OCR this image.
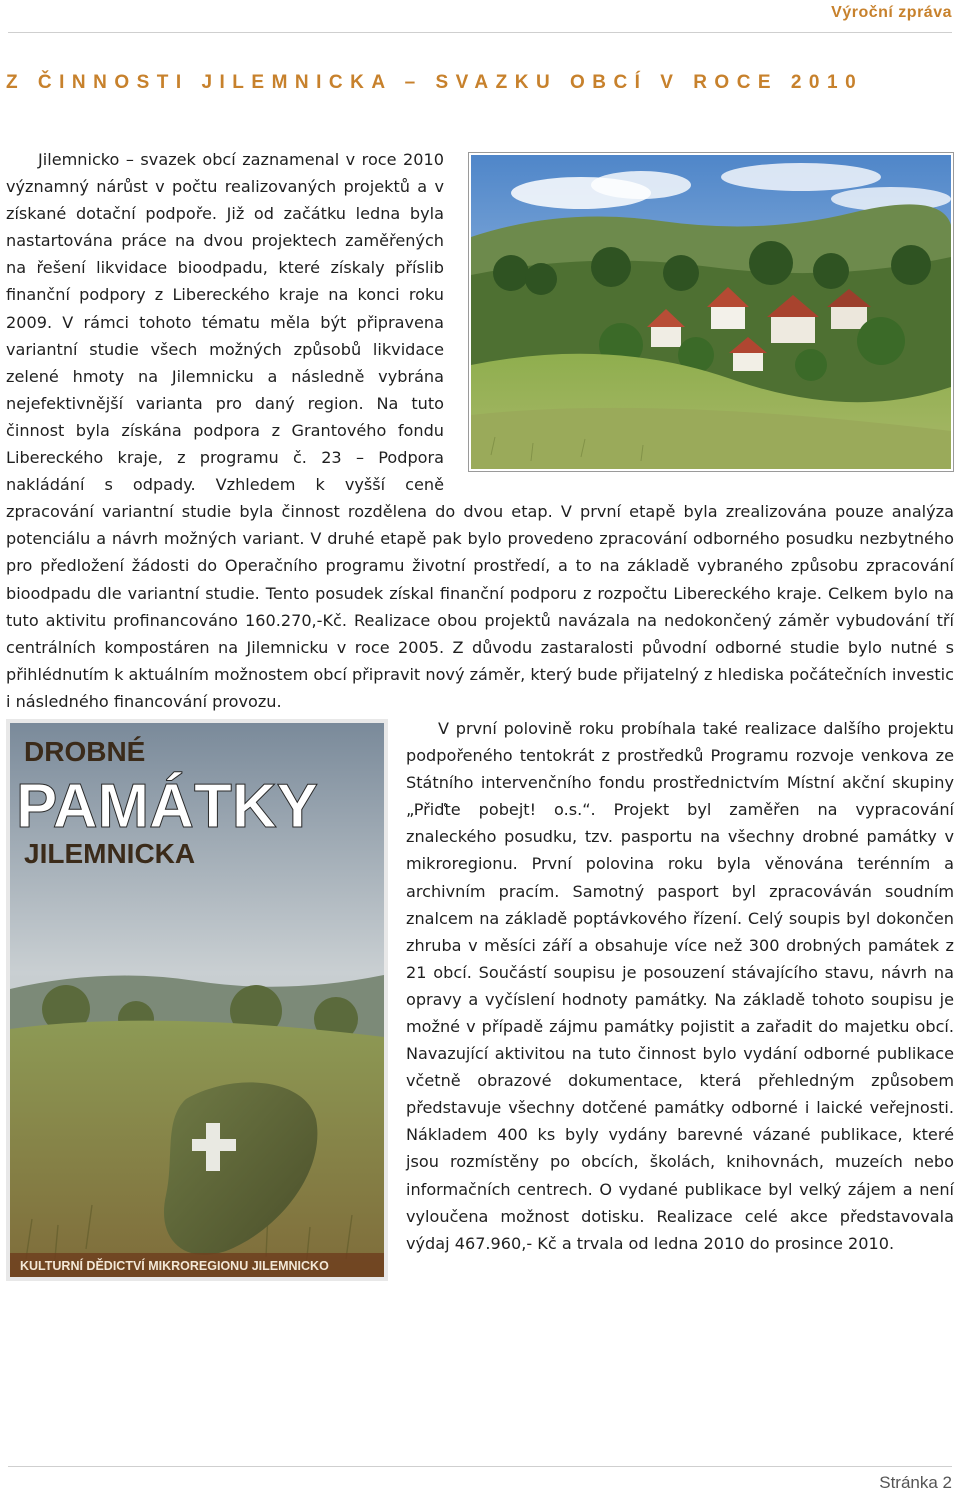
Výroční zpráva
Z ČINNOSTI JILEMNICKA – SVAZKU OBCÍ V ROCE 2010

Jilemnicko – svazek obcí zaznamenal v roce 2010 významný nárůst v počtu realizovaných projektů a v získané dotační podpoře. Již od začátku ledna byla nastartována práce na dvou projektech zaměřených na řešení likvidace bioodpadu, které získaly příslib finanční podpory z Libereckého kraje na konci roku 2009. V rámci tohoto tématu měla být připravena variantní studie všech možných způsobů likvidace zelené hmoty na Jilemnicku a následně vybrána nejefektivnější varianta pro daný region. Na tuto činnost byla získána podpora z Grantového fondu Libereckého kraje, z programu č. 23 – Podpora nakládání s odpady. Vzhledem k vyšší ceně zpracování variantní studie byla činnost rozdělena do dvou etap. V první etapě byla zrealizována pouze analýza potenciálu a návrh možných variant. V druhé etapě pak bylo provedeno zpracování odborného posudku nezbytného pro předložení žádosti do Operačního programu životní prostředí, a to na základě vybraného způsobu zpracování bioodpadu dle variantní studie. Tento posudek získal finanční podporu z rozpočtu Libereckého kraje. Celkem bylo na tuto aktivitu profinancováno 160.270,-Kč. Realizace obou projektů navázala na nedokončený záměr vybudování tří centrálních kompostáren na Jilemnicku v roce 2005. Z důvodu zastaralosti původní odborné studie bylo nutné s přihlédnutím k aktuálním možnostem obcí připravit nový záměr, který bude přijatelný z hlediska počátečních investic i následného financování provozu.

DROBNÉ
PAMÁTKY
JILEMNICKA
KULTURNÍ DĚDICTVÍ MIKROREGIONU JILEMNICKO

V první polovině roku probíhala také realizace dalšího projektu podpořeného tentokrát z prostředků Programu rozvoje venkova ze Státního intervenčního fondu prostřednictvím Místní akční skupiny „Přiďte pobejt! o.s.“. Projekt byl zaměřen na vypracování znaleckého posudku, tzv. pasportu na všechny drobné památky v mikroregionu. První polovina roku byla věnována terénním a archivním pracím. Samotný pasport byl zpracováván soudním znalcem na základě poptávkového řízení. Celý soupis byl dokončen zhruba v měsíci září a obsahuje více než 300 drobných památek z 21 obcí. Součástí soupisu je posouzení stávajícího stavu, návrh na opravy a vyčíslení hodnoty památky. Na základě tohoto soupisu je možné v případě zájmu památky pojistit a zařadit do majetku obcí. Navazující aktivitou na tuto činnost bylo vydání odborné publikace včetně obrazové dokumentace, která přehledným způsobem představuje všechny dotčené památky odborné i laické veřejnosti. Nákladem 400 ks byly vydány barevné vázané publikace, které jsou rozmístěny po obcích, školách, knihovnách, muzeích nebo informačních centrech. O vydané publikace byl velký zájem a není vyloučena možnost dotisku. Realizace celé akce představovala výdaj 467.960,- Kč a trvala od ledna 2010 do prosince 2010.

Stránka 2
